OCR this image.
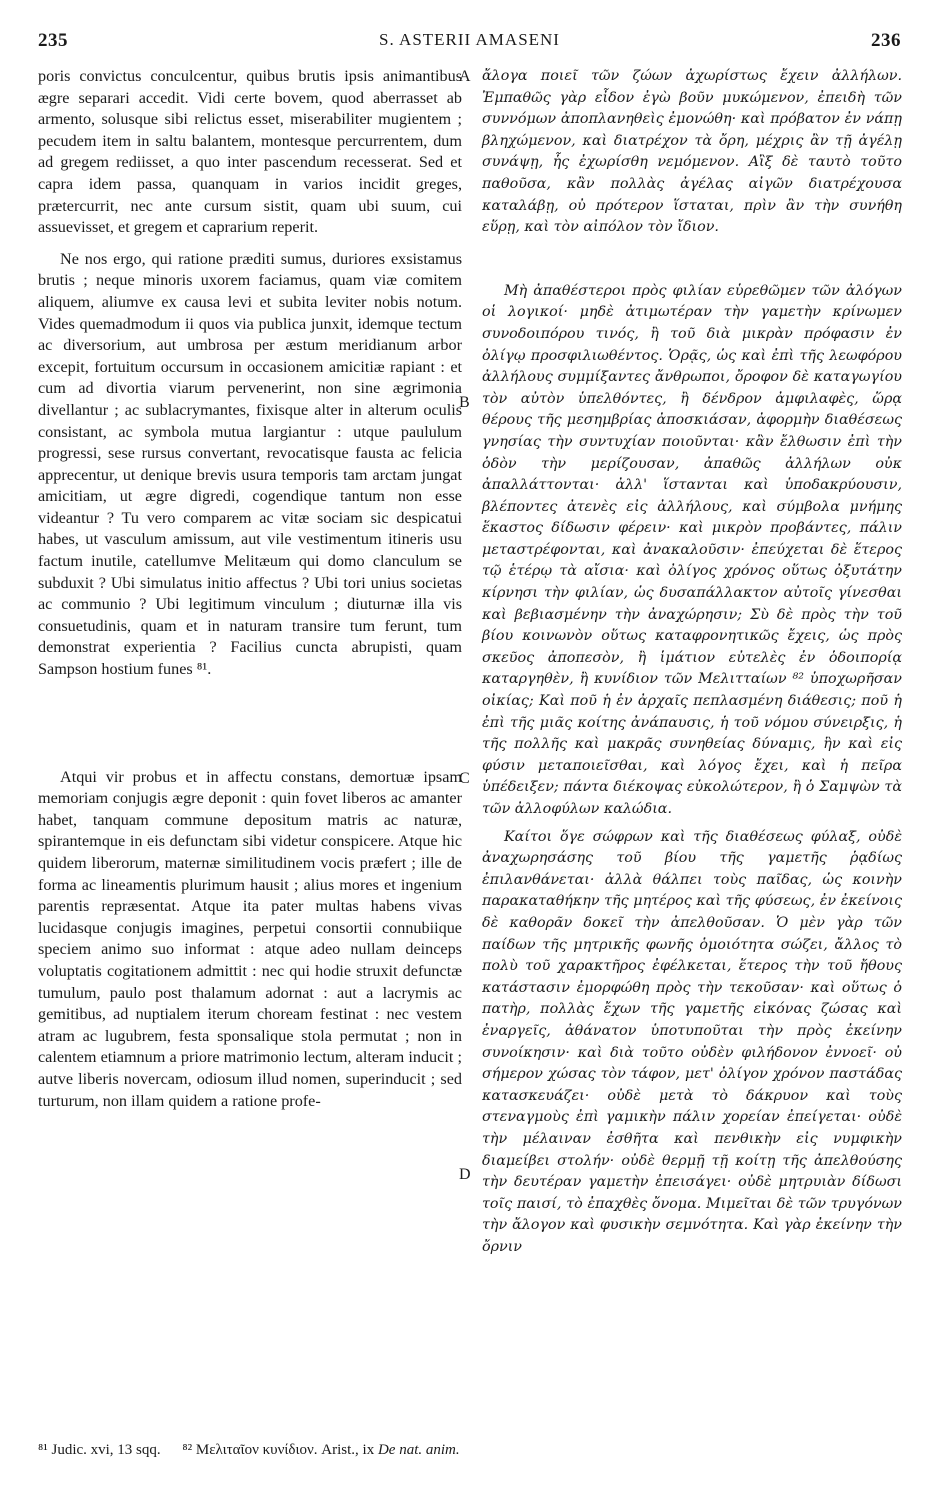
235	S. ASTERII AMASENI	236

poris convictus conculcentur, quibus brutis ipsis animantibus ægre separari accedit. Vidi certe bovem, quod aberrasset ab armento, solusque sibi relictus esset, miserabiliter mugientem ; pecudem item in saltu balantem, montesque percurrentem, dum ad gregem rediisset, a quo inter pascendum recesserat. Sed et capra idem passa, quanquam in varios incidit greges, prætercurrit, nec ante cursum sistit, quam ubi suum, cui assuevisset, et gregem et caprarium reperit.

Ne nos ergo, qui ratione præditi sumus, duriores exsistamus brutis ; neque minoris uxorem faciamus, quam viæ comitem aliquem, aliumve ex causa levi et subita leviter nobis notum. Vides quemadmodum ii quos via publica junxit, idemque tectum ac diversorium, aut umbrosa per æstum meridianum arbor excepit, fortuitum occursum in occasionem amicitiæ rapiant : et cum ad divortia viarum pervenerint, non sine ægrimonia divellantur ; ac sublacrymantes, fixisque alter in alterum oculis consistant, ac symbola mutua largiantur : utque paululum progressi, sese rursus convertant, revocatisque fausta ac felicia apprecentur, ut denique brevis usura temporis tam arctam jungat amicitiam, ut ægre digredi, cogendique tantum non esse videantur ? Tu vero comparem ac vitæ sociam sic despicatui habes, ut vasculum amissum, aut vile vestimentum itineris usu factum inutile, catellumve Melitæum qui domo clanculum se subduxit ? Ubi simulatus initio affectus ? Ubi tori unius societas ac communio ? Ubi legitimum vinculum ; diuturnæ illa vis consuetudinis, quam et in naturam transire tum ferunt, tum demonstrat experientia ? Facilius cuncta abrupisti, quam Sampson hostium funes ⁸¹.

Atqui vir probus et in affectu constans, demortuæ ipsam memoriam conjugis ægre deponit : quin fovet liberos ac amanter habet, tanquam commune depositum matris ac naturæ, spirantemque in eis defunctam sibi videtur conspicere. Atque hic quidem liberorum, maternæ similitudinem vocis præfert ; ille de forma ac lineamentis plurimum hausit ; alius mores et ingenium parentis repræsentat. Atque ita pater multas habens vivas lucidasque conjugis imagines, perpetui consortii connubiique speciem animo suo informat : atque adeo nullam deinceps voluptatis cogitationem admittit : nec qui hodie struxit defunctæ tumulum, paulo post thalamum adornat : aut a lacrymis ac gemitibus, ad nuptialem iterum choream festinat : nec vestem atram ac lugubrem, festa sponsalique stola permutat ; non in calentem etiamnum a priore matrimonio lectum, alteram inducit ; autve liberis novercam, odiosum illud nomen, superinducit ; sed turturum, non illam quidem a ratione profe-

ἄλογα ποιεῖ τῶν ζώων ἀχωρίστως ἔχειν ἀλλήλων. Ἐμπαθῶς γὰρ εἶδον ἐγὼ βοῦν μυκώμενον, ἐπειδὴ τῶν συννόμων ἀποπλανηθεὶς ἐμονώθη· καὶ πρόβατον ἐν νάπῃ βληχώμενον, καὶ διατρέχον τὰ ὄρη, μέχρις ἂν τῇ ἀγέλῃ συνάψῃ, ἧς ἐχωρίσθη νεμόμενον. Αἲξ δὲ ταυτὸ τοῦτο παθοῦσα, κἂν πολλὰς ἀγέλας αἰγῶν διατρέχουσα καταλάβῃ, οὐ πρότερον ἵσταται, πρὶν ἂν τὴν συνήθη εὕρῃ, καὶ τὸν αἰπόλον τὸν ἴδιον.

Μὴ ἀπαθέστεροι πρὸς φιλίαν εὑρεθῶμεν τῶν ἀλόγων οἱ λογικοί· μηδὲ ἀτιμωτέραν τὴν γαμετὴν κρίνωμεν συνοδοιπόρου τινός, ἢ τοῦ διὰ μικρὰν πρόφασιν ἐν ὀλίγῳ προσφιλιωθέντος. Ὁρᾷς, ὡς καὶ ἐπὶ τῆς λεωφόρου ἀλλήλους συμμίξαντες ἄνθρωποι, ὄροφον δὲ καταγωγίου τὸν αὐτὸν ὑπελθόντες, ἢ δένδρον ἀμφιλαφὲς, ὥρᾳ θέρους τῆς μεσημβρίας ἀποσκιάσαν, ἀφορμὴν διαθέσεως γνησίας τὴν συντυχίαν ποιοῦνται· κἂν ἔλθωσιν ἐπὶ τὴν ὁδὸν τὴν μερίζουσαν, ἀπαθῶς ἀλλήλων οὐκ ἀπαλλάττονται· ἀλλ' ἵστανται καὶ ὑποδακρύουσιν, βλέποντες ἀτενὲς εἰς ἀλλήλους, καὶ σύμβολα μνήμης ἕκαστος δίδωσιν φέρειν· καὶ μικρὸν προβάντες, πάλιν μεταστρέφονται, καὶ ἀνακαλοῦσιν· ἐπεύχεται δὲ ἕτερος τῷ ἑτέρῳ τὰ αἴσια· καὶ ὀλίγος χρόνος οὕτως ὀξυτάτην κίρνησι τὴν φιλίαν, ὡς δυσαπάλλακτον αὐτοῖς γίνεσθαι καὶ βεβιασμένην τὴν ἀναχώρησιν; Σὺ δὲ πρὸς τὴν τοῦ βίου κοινωνὸν οὕτως καταφρονητικῶς ἔχεις, ὡς πρὸς σκεῦος ἀποπεσὸν, ἢ ἱμάτιον εὐτελὲς ἐν ὁδοιπορίᾳ καταργηθὲν, ἢ κυνίδιον τῶν Μελιτταίων ⁸² ὑποχωρῆσαν οἰκίας; Καὶ ποῦ ἡ ἐν ἀρχαῖς πεπλασμένη διάθεσις; ποῦ ἡ ἐπὶ τῆς μιᾶς κοίτης ἀνάπαυσις, ἡ τοῦ νόμου σύνειρξις, ἡ τῆς πολλῆς καὶ μακρᾶς συνηθείας δύναμις, ἣν καὶ εἰς φύσιν μεταποιεῖσθαι, καὶ λόγος ἔχει, καὶ ἡ πεῖρα ὑπέδειξεν; πάντα διέκοψας εὐκολώτερον, ἢ ὁ Σαμψὼν τὰ τῶν ἀλλοφύλων καλώδια.

Καίτοι ὅγε σώφρων καὶ τῆς διαθέσεως φύλαξ, οὐδὲ ἀναχωρησάσης τοῦ βίου τῆς γαμετῆς ῥᾳδίως ἐπιλανθάνεται· ἀλλὰ θάλπει τοὺς παῖδας, ὡς κοινὴν παρακαταθήκην τῆς μητέρος καὶ τῆς φύσεως, ἐν ἐκείνοις δὲ καθορᾶν δοκεῖ τὴν ἀπελθοῦσαν. Ὁ μὲν γὰρ τῶν παίδων τῆς μητρικῆς φωνῆς ὁμοιότητα σώζει, ἄλλος τὸ πολὺ τοῦ χαρακτῆρος ἐφέλκεται, ἕτερος τὴν τοῦ ἤθους κατάστασιν ἐμορφώθη πρὸς τὴν τεκοῦσαν· καὶ οὕτως ὁ πατὴρ, πολλὰς ἔχων τῆς γαμετῆς εἰκόνας ζώσας καὶ ἐναργεῖς, ἀθάνατον ὑποτυποῦται τὴν πρὸς ἐκείνην συνοίκησιν· καὶ διὰ τοῦτο οὐδὲν φιλήδονον ἐννοεῖ· οὐ σήμερον χώσας τὸν τάφον, μετ' ὀλίγον χρόνον παστάδας κατασκευάζει· οὐδὲ μετὰ τὸ δάκρυον καὶ τοὺς στεναγμοὺς ἐπὶ γαμικὴν πάλιν χορείαν ἐπείγεται· οὐδὲ τὴν μέλαιναν ἐσθῆτα καὶ πενθικὴν εἰς νυμφικὴν διαμείβει στολήν· οὐδὲ θερμῇ τῇ κοίτῃ τῆς ἀπελθούσης τὴν δευτέραν γαμετὴν ἐπεισάγει· οὐδὲ μητρυιὰν δίδωσι τοῖς παισί, τὸ ἐπαχθὲς ὄνομα. Μιμεῖται δὲ τῶν τρυγόνων τὴν ἄλογον καὶ φυσικὴν σεμνότητα. Καὶ γὰρ ἐκείνην τὴν ὄρνιν

A
B
C
D
⁸¹ Judic. xvi, 13 sqq. ⁸² Μελιταῖον κυνίδιον. Arist., ix De nat. anim.
